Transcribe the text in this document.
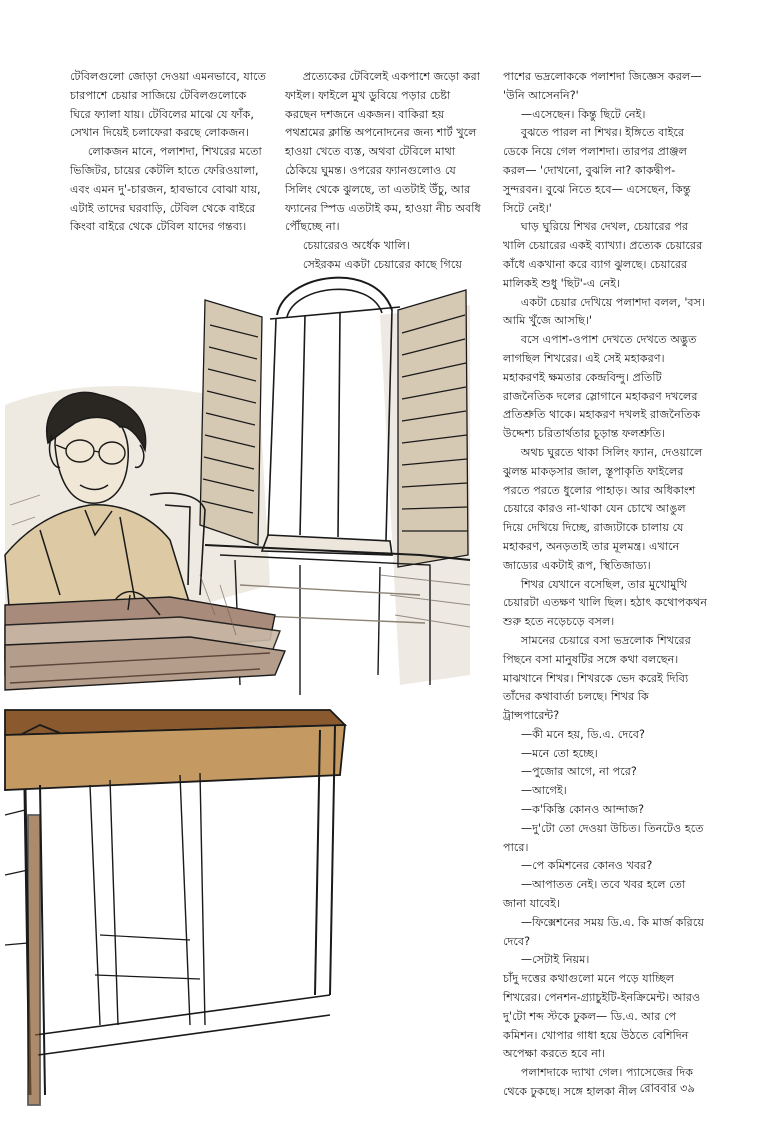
টেবিলগুলো জোড়া দেওয়া এমনভাবে, যাতে চারপাশে চেয়ার সাজিয়ে টেবিলগুলোকে ঘিরে ফ্যালা যায়। টেবিলের মাঝে যে ফাঁক, সেখান দিয়েই চলাফেরা করছে লোকজন।

লোকজন মানে, পলাশদা, শিখরের মতো ভিজিটর, চায়ের কেটলি হাতে ফেরিওয়ালা, এবং এমন দু'-চারজন, হাবভাবে বোঝা যায়, এটাই তাদের ঘরবাড়ি, টেবিল থেকে বাইরে কিংবা বাইরে থেকে টেবিল যাদের গন্তব্য।

প্রত্যেকের টেবিলেই একপাশে জড়ো করা ফাইল। ফাইলে মুখ ডুবিয়ে পড়ার চেষ্টা করছেন দশজনে একজন। বাকিরা হয় পথশ্রমের ক্লান্তি অপনোদনের জন্য শার্ট খুলে হাওয়া খেতে ব্যস্ত, অথবা টেবিলে মাথা ঠেকিয়ে ঘুমন্ত। ওপরের ফ্যানগুলোও যে সিলিং থেকে ঝুলছে, তা এতটাই উঁচু, আর ফ্যানের স্পিড এতটাই কম, হাওয়া নীচ অবধি পৌঁছচ্ছে না।

চেয়ারেরও অর্ধেক খালি।

সেইরকম একটা চেয়ারের কাছে গিয়ে

পাশের ভদ্রলোককে পলাশদা জিজ্ঞেস করল— 'উনি আসেননি?'

—এসেছেন। কিন্তু ছিটে নেই।

বুঝতে পারল না শিখর। ইঙ্গিতে বাইরে ডেকে নিয়ে গেল পলাশদা। তারপর প্রাঞ্জল করল— 'দোখনো, বুঝলি না? কাকদ্বীপ-সুন্দরবন। বুঝে নিতে হবে— এসেছেন, কিন্তু সিটে নেই।'

ঘাড় ঘুরিয়ে শিখর দেখল, চেয়ারের পর খালি চেয়ারের একই ব্যাখ্যা। প্রত্যেক চেয়ারের কাঁধে একখানা করে ব্যাগ ঝুলছে। চেয়ারের মালিকই শুধু 'ছিট'-এ নেই।

একটা চেয়ার দেখিয়ে পলাশদা বলল, 'বস। আমি খুঁজে আসছি।'

বসে এপাশ-ওপাশ দেখতে দেখতে অদ্ভুত লাগছিল শিখরের। এই সেই মহাকরণ। মহাকরণই ক্ষমতার কেন্দ্রবিন্দু। প্রতিটি রাজনৈতিক দলের স্লোগানে মহাকরণ দখলের প্রতিশ্রুতি থাকে। মহাকরণ দখলই রাজনৈতিক উদ্দেশ্য চরিতার্থতার চূড়ান্ত ফলশ্রুতি।

অথচ ঘুরতে থাকা সিলিং ফ্যান, দেওয়ালে ঝুলন্ত মাকড়সার জাল, স্তূপাকৃতি ফাইলের পরতে পরতে ধুলোর পাহাড়। আর অধিকাংশ চেয়ারে কারও না-থাকা যেন চোখে আঙুল দিয়ে দেখিয়ে দিচ্ছে, রাজ্যটাকে চালায় যে মহাকরণ, অনড়তাই তার মূলমন্ত্র। এখানে জাড্যের একটাই রূপ, স্থিতিজাড্য।

শিখর যেখানে বসেছিল, তার মুখোমুখি চেয়ারটা এতক্ষণ খালি ছিল। হঠাৎ কথোপকথন শুরু হতে নড়েচড়ে বসল।

সামনের চেয়ারে বসা ভদ্রলোক শিখরের পিছনে বসা মানুষটির সঙ্গে কথা বলছেন। মাঝখানে শিখর। শিখরকে ভেদ করেই দিব্যি তাঁদের কথাবার্তা চলছে। শিখর কি ট্রান্সপারেন্ট?

—কী মনে হয়, ডি.এ. দেবে?

—মনে তো হচ্ছে।

—পুজোর আগে, না পরে?

—আগেই।

—ক'কিস্তি কোনও আন্দাজ?

—দু'টো তো দেওয়া উচিত। তিনটেও হতে পারে।

—পে কমিশনের কোনও খবর?

—আপাতত নেই। তবে খবর হলে তো জানা যাবেই।

—ফিক্সেশনের সময় ডি.এ. কি মার্জ করিয়ে দেবে?

—সেটাই নিয়ম।

চাঁদু দত্তের কথাগুলো মনে পড়ে যাচ্ছিল শিখরের। পেনশন-গ্র্যাচুইটি-ইনক্রিমেন্ট। আরও দু'টো শব্দ স্টকে ঢুকল— ডি.এ. আর পে কমিশন। খোপার গাধা হয়ে উঠতে বেশিদিন অপেক্ষা করতে হবে না।

পলাশদাকে দ্যাখা গেল। প্যাসেজের দিক থেকে ঢুকছে। সঙ্গে হালকা নীল রোববার ৩৯
